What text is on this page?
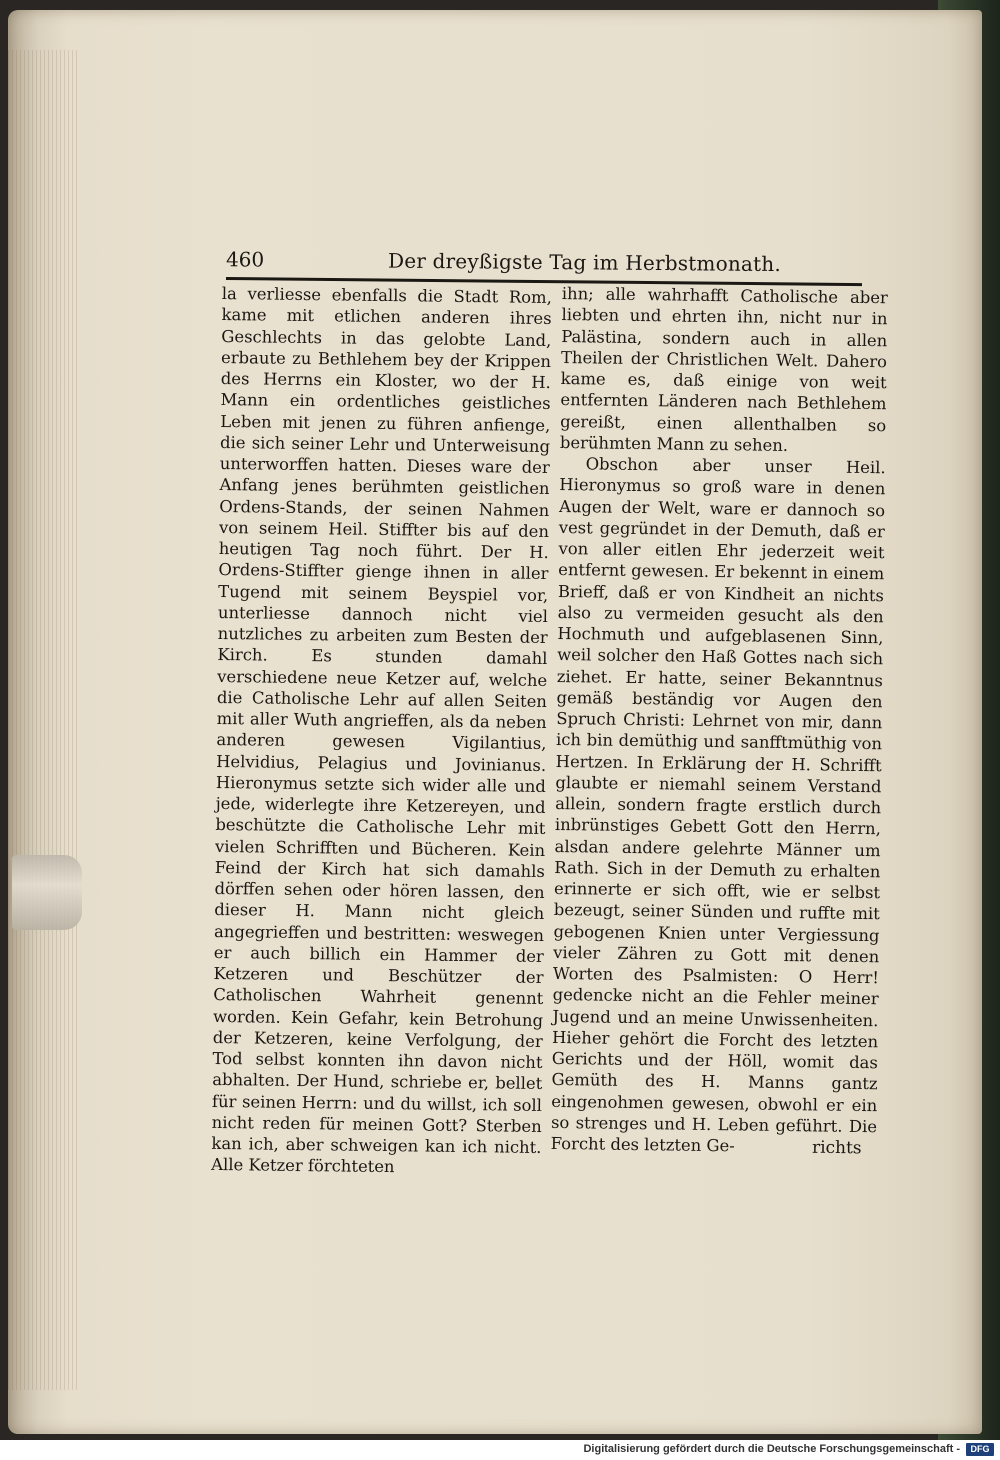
460	Der dreyßigste Tag im Herbstmonath.

la verliesse ebenfalls die Stadt Rom, kame mit etlichen anderen ihres Geschlechts in das gelobte Land, erbaute zu Bethlehem bey der Krippen des Herrns ein Kloster, wo der H. Mann ein ordentliches geistliches Leben mit jenen zu führen anfienge, die sich seiner Lehr und Unterweisung unterworffen hatten. Dieses ware der Anfang jenes berühmten geistlichen Ordens-Stands, der seinen Nahmen von seinem Heil. Stiffter bis auf den heutigen Tag noch führt. Der H. Ordens-Stiffter gienge ihnen in aller Tugend mit seinem Beyspiel vor, unterliesse dannoch nicht viel nutzliches zu arbeiten zum Besten der Kirch. Es stunden damahl verschiedene neue Ketzer auf, welche die Catholische Lehr auf allen Seiten mit aller Wuth angrieffen, als da neben anderen gewesen Vigilantius, Helvidius, Pelagius und Jovinianus. Hieronymus setzte sich wider alle und jede, widerlegte ihre Ketzereyen, und beschützte die Catholische Lehr mit vielen Schrifften und Bücheren. Kein Feind der Kirch hat sich damahls dörffen sehen oder hören lassen, den dieser H. Mann nicht gleich angegrieffen und bestritten: weswegen er auch billich ein Hammer der Ketzeren und Beschützer der Catholischen Wahrheit genennt worden. Kein Gefahr, kein Betrohung der Ketzeren, keine Verfolgung, der Tod selbst konnten ihn davon nicht abhalten. Der Hund, schriebe er, bellet für seinen Herrn: und du willst, ich soll nicht reden für meinen Gott? Sterben kan ich, aber schweigen kan ich nicht. Alle Ketzer förchteten

ihn; alle wahrhafft Catholische aber liebten und ehrten ihn, nicht nur in Palästina, sondern auch in allen Theilen der Christlichen Welt. Dahero kame es, daß einige von weit entfernten Länderen nach Bethlehem gereißt, einen allenthalben so berühmten Mann zu sehen.

Obschon aber unser Heil. Hieronymus so groß ware in denen Augen der Welt, ware er dannoch so vest gegründet in der Demuth, daß er von aller eitlen Ehr jederzeit weit entfernt gewesen. Er bekennt in einem Brieff, daß er von Kindheit an nichts also zu vermeiden gesucht als den Hochmuth und aufgeblasenen Sinn, weil solcher den Haß Gottes nach sich ziehet. Er hatte, seiner Bekanntnus gemäß beständig vor Augen den Spruch Christi: Lehrnet von mir, dann ich bin demüthig und sanfftmüthig von Hertzen. In Erklärung der H. Schrifft glaubte er niemahl seinem Verstand allein, sondern fragte erstlich durch inbrünstiges Gebett Gott den Herrn, alsdan andere gelehrte Männer um Rath. Sich in der Demuth zu erhalten erinnerte er sich offt, wie er selbst bezeugt, seiner Sünden und ruffte mit gebogenen Knien unter Vergiessung vieler Zähren zu Gott mit denen Worten des Psalmisten: O Herr! gedencke nicht an die Fehler meiner Jugend und an meine Unwissenheiten. Hieher gehört die Forcht des letzten Gerichts und der Höll, womit das Gemüth des H. Manns gantz eingenohmen gewesen, obwohl er ein so strenges und H. Leben geführt. Die Forcht des letzten Ge-	richts
Digitalisierung gefördert durch die Deutsche Forschungsgemeinschaft -	DFG
